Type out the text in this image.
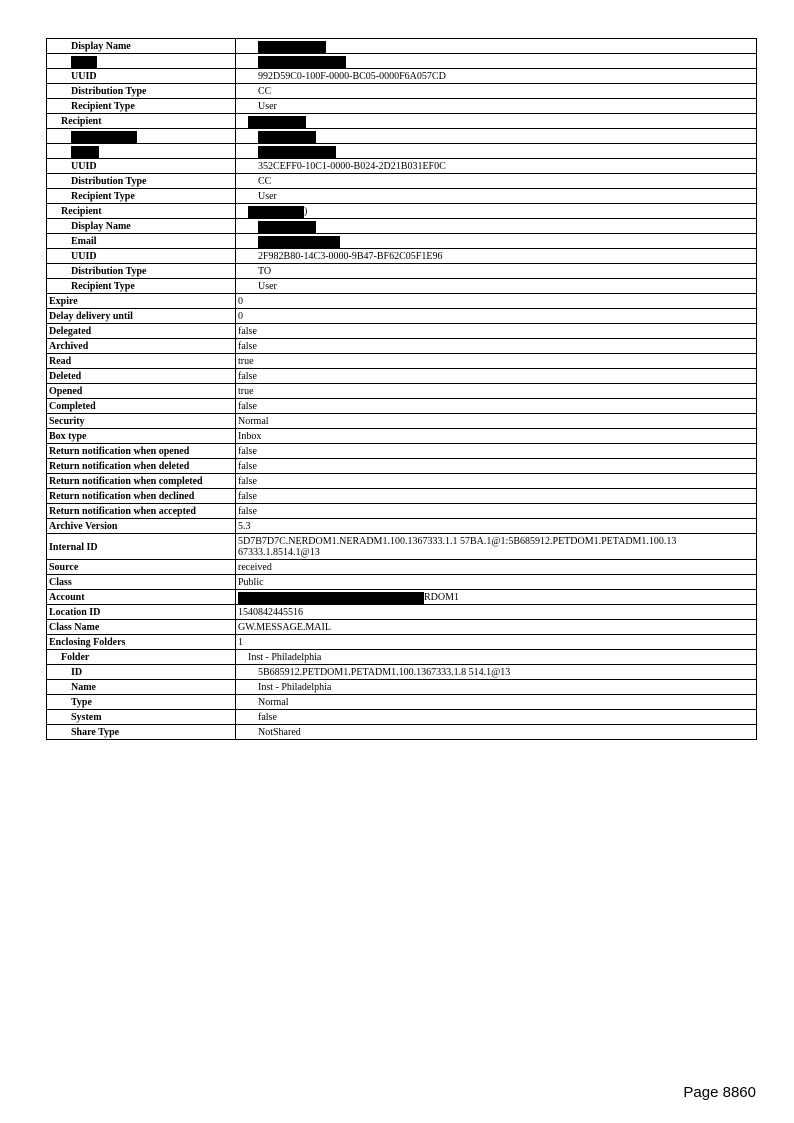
Display Name	

UUID	992D59C0-100F-0000-BC05-0000F6A057CD
Distribution Type	CC
Recipient Type	User
Recipient	

UUID	352CEFF0-10C1-0000-B024-2D21B031EF0C
Distribution Type	CC
Recipient Type	User
Recipient	)
Display Name	
Email	
UUID	2F982B80-14C3-0000-9B47-BF62C05F1E96
Distribution Type	TO
Recipient Type	User
Expire	0
Delay delivery until	0
Delegated	false
Archived	false
Read	true
Deleted	false
Opened	true
Completed	false
Security	Normal
Box type	Inbox
Return notification when opened	false
Return notification when deleted	false
Return notification when completed	false
Return notification when declined	false
Return notification when accepted	false
Archive Version	5.3
Internal ID	5D7B7D7C.NERDOM1.NERADM1.100.1367333.1.1 57BA.1@1:5B685912.PETDOM1.PETADM1.100.13 67333.1.8514.1@13
Source	received
Class	Public
Account	RDOM1
Location ID	1540842445516
Class Name	GW.MESSAGE.MAIL
Enclosing Folders	1
Folder	Inst - Philadelphia
ID	5B685912.PETDOM1.PETADM1.100.1367333.1.8 514.1@13
Name	Inst - Philadelphia
Type	Normal
System	false
Share Type	NotShared
Page 8860
